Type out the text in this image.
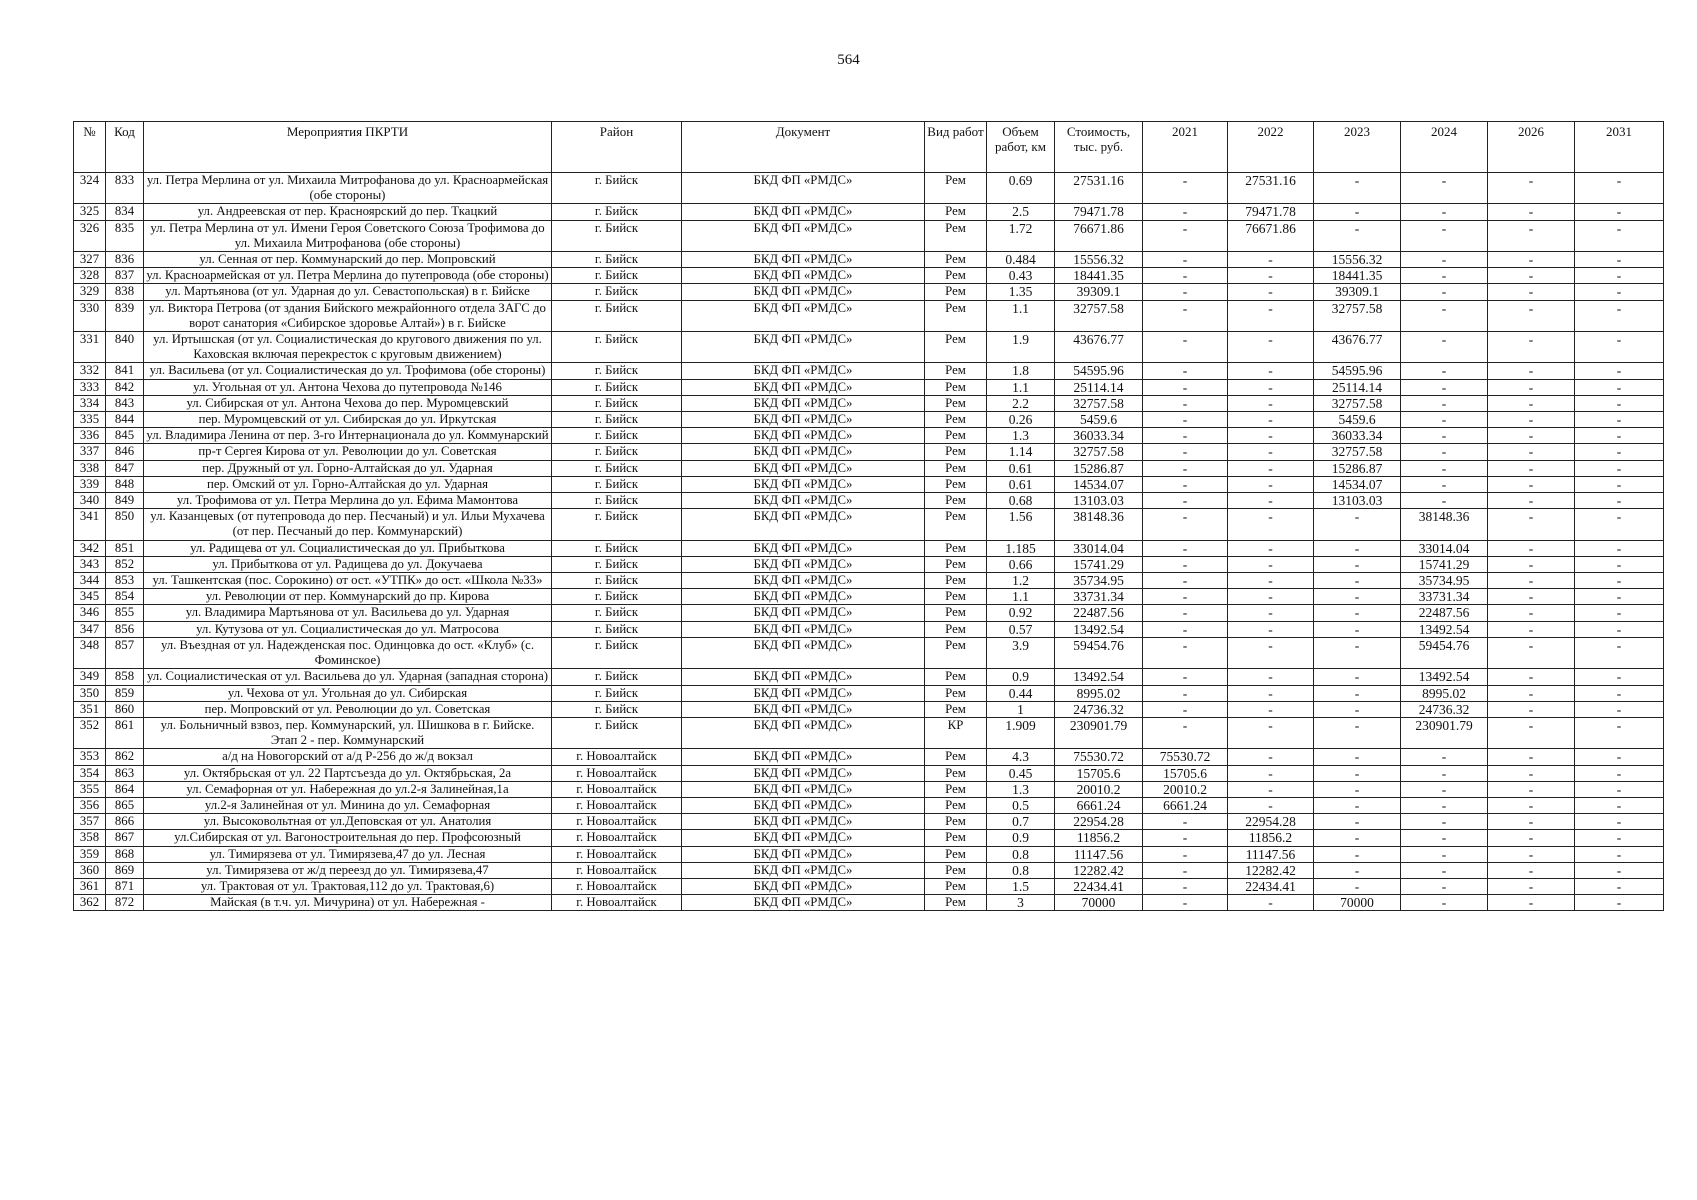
564
№	Код	Мероприятия ПКРТИ	Район	Документ	Вид работ	Объем работ, км	Стоимость, тыс. руб.	2021	2022	2023	2024	2026	2031
324	833	ул. Петра Мерлина от ул. Михаила Митрофанова до ул. Красноармейская (обе стороны)	г. Бийск	БКД ФП «РМДС»	Рем	0.69	27531.16	-	27531.16	-	-	-	-
325	834	ул. Андреевская от пер. Красноярский до пер. Ткацкий	г. Бийск	БКД ФП «РМДС»	Рем	2.5	79471.78	-	79471.78	-	-	-	-
326	835	ул. Петра Мерлина от ул. Имени Героя Советского Союза Трофимова до ул. Михаила Митрофанова (обе стороны)	г. Бийск	БКД ФП «РМДС»	Рем	1.72	76671.86	-	76671.86	-	-	-	-
327	836	ул. Сенная от пер. Коммунарский до пер. Мопровский	г. Бийск	БКД ФП «РМДС»	Рем	0.484	15556.32	-	-	15556.32	-	-	-
328	837	ул. Красноармейская от ул. Петра Мерлина до путепровода (обе стороны)	г. Бийск	БКД ФП «РМДС»	Рем	0.43	18441.35	-	-	18441.35	-	-	-
329	838	ул. Мартьянова (от ул. Ударная до ул. Севастопольская) в г. Бийске	г. Бийск	БКД ФП «РМДС»	Рем	1.35	39309.1	-	-	39309.1	-	-	-
330	839	ул. Виктора Петрова (от здания Бийского межрайонного отдела ЗАГС до ворот санатория «Сибирское здоровье Алтай») в г. Бийске	г. Бийск	БКД ФП «РМДС»	Рем	1.1	32757.58	-	-	32757.58	-	-	-
331	840	ул. Иртышская (от ул. Социалистическая до кругового движения по ул. Каховская включая перекресток с круговым движением)	г. Бийск	БКД ФП «РМДС»	Рем	1.9	43676.77	-	-	43676.77	-	-	-
332	841	ул. Васильева (от ул. Социалистическая до ул. Трофимова (обе стороны)	г. Бийск	БКД ФП «РМДС»	Рем	1.8	54595.96	-	-	54595.96	-	-	-
333	842	ул. Угольная от ул. Антона Чехова до путепровода №146	г. Бийск	БКД ФП «РМДС»	Рем	1.1	25114.14	-	-	25114.14	-	-	-
334	843	ул. Сибирская от ул. Антона Чехова до пер. Муромцевский	г. Бийск	БКД ФП «РМДС»	Рем	2.2	32757.58	-	-	32757.58	-	-	-
335	844	пер. Муромцевский от ул. Сибирская до ул. Иркутская	г. Бийск	БКД ФП «РМДС»	Рем	0.26	5459.6	-	-	5459.6	-	-	-
336	845	ул. Владимира Ленина от пер. 3-го Интернационала до ул. Коммунарский	г. Бийск	БКД ФП «РМДС»	Рем	1.3	36033.34	-	-	36033.34	-	-	-
337	846	пр-т Сергея Кирова от ул. Революции до ул. Советская	г. Бийск	БКД ФП «РМДС»	Рем	1.14	32757.58	-	-	32757.58	-	-	-
338	847	пер. Дружный от ул. Горно-Алтайская до ул. Ударная	г. Бийск	БКД ФП «РМДС»	Рем	0.61	15286.87	-	-	15286.87	-	-	-
339	848	пер. Омский от ул. Горно-Алтайская до ул. Ударная	г. Бийск	БКД ФП «РМДС»	Рем	0.61	14534.07	-	-	14534.07	-	-	-
340	849	ул. Трофимова от ул. Петра Мерлина до ул. Ефима Мамонтова	г. Бийск	БКД ФП «РМДС»	Рем	0.68	13103.03	-	-	13103.03	-	-	-
341	850	ул. Казанцевых (от путепровода до пер. Песчаный) и ул. Ильи Мухачева (от пер. Песчаный до пер. Коммунарский)	г. Бийск	БКД ФП «РМДС»	Рем	1.56	38148.36	-	-	-	38148.36	-	-
342	851	ул. Радищева от ул. Социалистическая до ул. Прибыткова	г. Бийск	БКД ФП «РМДС»	Рем	1.185	33014.04	-	-	-	33014.04	-	-
343	852	ул. Прибыткова от ул. Радищева до ул. Докучаева	г. Бийск	БКД ФП «РМДС»	Рем	0.66	15741.29	-	-	-	15741.29	-	-
344	853	ул. Ташкентская (пос. Сорокино) от ост. «УТПК» до ост. «Школа №33»	г. Бийск	БКД ФП «РМДС»	Рем	1.2	35734.95	-	-	-	35734.95	-	-
345	854	ул. Революции от пер. Коммунарский до пр. Кирова	г. Бийск	БКД ФП «РМДС»	Рем	1.1	33731.34	-	-	-	33731.34	-	-
346	855	ул. Владимира Мартьянова от ул. Васильева до ул. Ударная	г. Бийск	БКД ФП «РМДС»	Рем	0.92	22487.56	-	-	-	22487.56	-	-
347	856	ул. Кутузова от ул. Социалистическая до ул. Матросова	г. Бийск	БКД ФП «РМДС»	Рем	0.57	13492.54	-	-	-	13492.54	-	-
348	857	ул. Въездная от ул. Надежденская пос. Одинцовка до ост. «Клуб» (с. Фоминское)	г. Бийск	БКД ФП «РМДС»	Рем	3.9	59454.76	-	-	-	59454.76	-	-
349	858	ул. Социалистическая от ул. Васильева до ул. Ударная (западная сторона)	г. Бийск	БКД ФП «РМДС»	Рем	0.9	13492.54	-	-	-	13492.54	-	-
350	859	ул. Чехова от ул. Угольная до ул. Сибирская	г. Бийск	БКД ФП «РМДС»	Рем	0.44	8995.02	-	-	-	8995.02	-	-
351	860	пер. Мопровский от ул. Революции до ул. Советская	г. Бийск	БКД ФП «РМДС»	Рем	1	24736.32	-	-	-	24736.32	-	-
352	861	ул. Больничный взвоз, пер. Коммунарский, ул. Шишкова в г. Бийске. Этап 2 - пер. Коммунарский	г. Бийск	БКД ФП «РМДС»	КР	1.909	230901.79	-	-	-	230901.79	-	-
353	862	а/д на Новогорский от а/д Р-256 до ж/д вокзал	г. Новоалтайск	БКД ФП «РМДС»	Рем	4.3	75530.72	75530.72	-	-	-	-	-
354	863	ул. Октябрьская от ул. 22 Партсъезда до ул. Октябрьская, 2а	г. Новоалтайск	БКД ФП «РМДС»	Рем	0.45	15705.6	15705.6	-	-	-	-	-
355	864	ул. Семафорная от ул. Набережная до ул.2-я Залинейная,1а	г. Новоалтайск	БКД ФП «РМДС»	Рем	1.3	20010.2	20010.2	-	-	-	-	-
356	865	ул.2-я Залинейная от ул. Минина до ул. Семафорная	г. Новоалтайск	БКД ФП «РМДС»	Рем	0.5	6661.24	6661.24	-	-	-	-	-
357	866	ул. Высоковольтная от ул.Деповская от ул. Анатолия	г. Новоалтайск	БКД ФП «РМДС»	Рем	0.7	22954.28	-	22954.28	-	-	-	-
358	867	ул.Сибирская от ул. Вагоностроительная до пер. Профсоюзный	г. Новоалтайск	БКД ФП «РМДС»	Рем	0.9	11856.2	-	11856.2	-	-	-	-
359	868	ул. Тимирязева от ул. Тимирязева,47 до ул. Лесная	г. Новоалтайск	БКД ФП «РМДС»	Рем	0.8	11147.56	-	11147.56	-	-	-	-
360	869	ул. Тимирязева от ж/д переезд до ул. Тимирязева,47	г. Новоалтайск	БКД ФП «РМДС»	Рем	0.8	12282.42	-	12282.42	-	-	-	-
361	871	ул. Трактовая от ул. Трактовая,112 до ул. Трактовая,6)	г. Новоалтайск	БКД ФП «РМДС»	Рем	1.5	22434.41	-	22434.41	-	-	-	-
362	872	Майская (в т.ч. ул. Мичурина) от ул. Набережная -	г. Новоалтайск	БКД ФП «РМДС»	Рем	3	70000	-	-	70000	-	-	-
